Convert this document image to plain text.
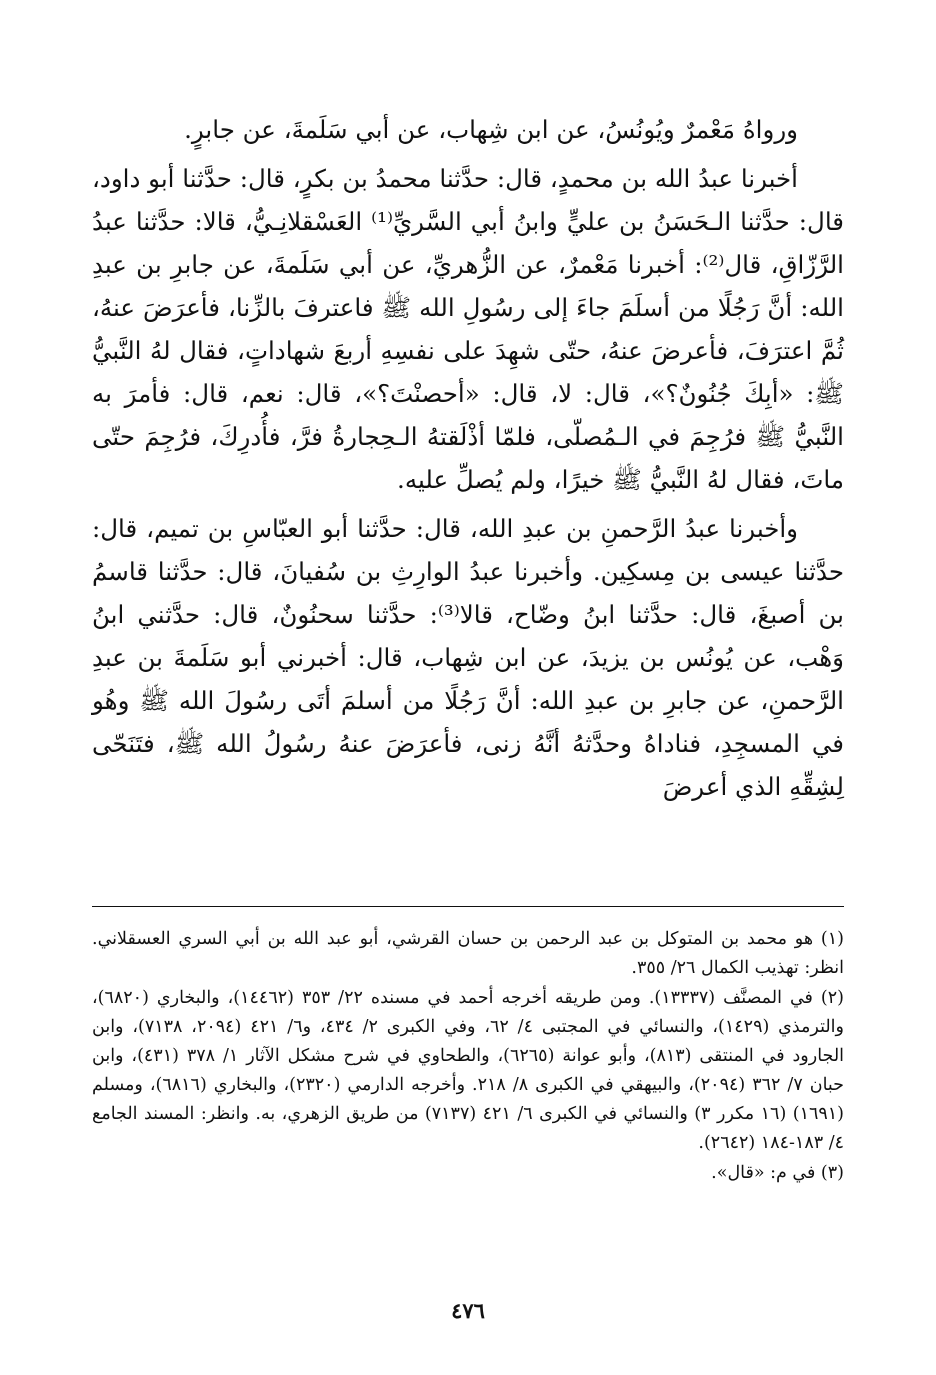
ورواهُ مَعْمرٌ ويُونُسُ، عن ابن شِهاب، عن أبي سَلَمةَ، عن جابرٍ.

أخبرنا عبدُ الله بن محمدٍ، قال: حدَّثنا محمدُ بن بكرٍ، قال: حدَّثنا أبو داود، قال: حدَّثنا الـحَسَنُ بن عليٍّ وابنُ أبي السَّريِّ⁽¹⁾ العَسْقلانِـيُّ، قالا: حدَّثنا عبدُ الرَّزّاقِ، قال⁽²⁾: أخبرنا مَعْمرٌ، عن الزُّهريِّ، عن أبي سَلَمةَ، عن جابرِ بن عبدِ الله: أنَّ رَجُلًا من أسلَمَ جاءَ إلى رسُولِ الله ﷺ فاعترفَ بالزِّنا، فأعرَضَ عنهُ، ثُمَّ اعترَفَ، فأعرضَ عنهُ، حتّى شهِدَ على نفسِهِ أربعَ شهاداتٍ، فقال لهُ النَّبيُّ ﷺ: «أبِكَ جُنُونٌ؟»، قال: لا، قال: «أحصنْتَ؟»، قال: نعم، قال: فأمرَ به النَّبيُّ ﷺ فرُجِمَ في الـمُصلّى، فلمّا أذْلَقتهُ الـحِجارةُ فرَّ، فأُدرِكَ، فرُجِمَ حتّى ماتَ، فقال لهُ النَّبيُّ ﷺ خيرًا، ولم يُصلِّ عليه.

وأخبرنا عبدُ الرَّحمنِ بن عبدِ الله، قال: حدَّثنا أبو العبّاسِ بن تميم، قال: حدَّثنا عيسى بن مِسكِين. وأخبرنا عبدُ الوارِثِ بن سُفيانَ، قال: حدَّثنا قاسمُ بن أصبغَ، قال: حدَّثنا ابنُ وضّاح، قالا⁽³⁾: حدَّثنا سحنُونٌ، قال: حدَّثني ابنُ وَهْب، عن يُونُس بن يزيدَ، عن ابن شِهاب، قال: أخبرني أبو سَلَمةَ بن عبدِ الرَّحمنِ، عن جابرِ بن عبدِ الله: أنَّ رَجُلًا من أسلمَ أتَى رسُولَ الله ﷺ وهُو في المسجِدِ، فناداهُ وحدَّثهُ أنَّهُ زنى، فأعرَضَ عنهُ رسُولُ الله ﷺ، فتَنَحّى لِشِقِّهِ الذي أعرضَ

(١) هو محمد بن المتوكل بن عبد الرحمن بن حسان القرشي، أبو عبد الله بن أبي السري العسقلاني. انظر: تهذيب الكمال ٢٦/ ٣٥٥.

(٢) في المصنَّف (١٣٣٣٧). ومن طريقه أخرجه أحمد في مسنده ٢٢/ ٣٥٣ (١٤٤٦٢)، والبخاري (٦٨٢٠)، والترمذي (١٤٢٩)، والنسائي في المجتبى ٤/ ٦٢، وفي الكبرى ٢/ ٤٣٤، و٦/ ٤٢١ (٢٠٩٤، ٧١٣٨)، وابن الجارود في المنتقى (٨١٣)، وأبو عوانة (٦٢٦٥)، والطحاوي في شرح مشكل الآثار ١/ ٣٧٨ (٤٣١)، وابن حبان ٧/ ٣٦٢ (٢٠٩٤)، والبيهقي في الكبرى ٨/ ٢١٨. وأخرجه الدارمي (٢٣٢٠)، والبخاري (٦٨١٦)، ومسلم (١٦٩١) (١٦ مكرر ٣) والنسائي في الكبرى ٦/ ٤٢١ (٧١٣٧) من طريق الزهري، به. وانظر: المسند الجامع ٤/ ١٨٣-١٨٤ (٢٦٤٢).

(٣) في م: «قال».

٤٧٦
